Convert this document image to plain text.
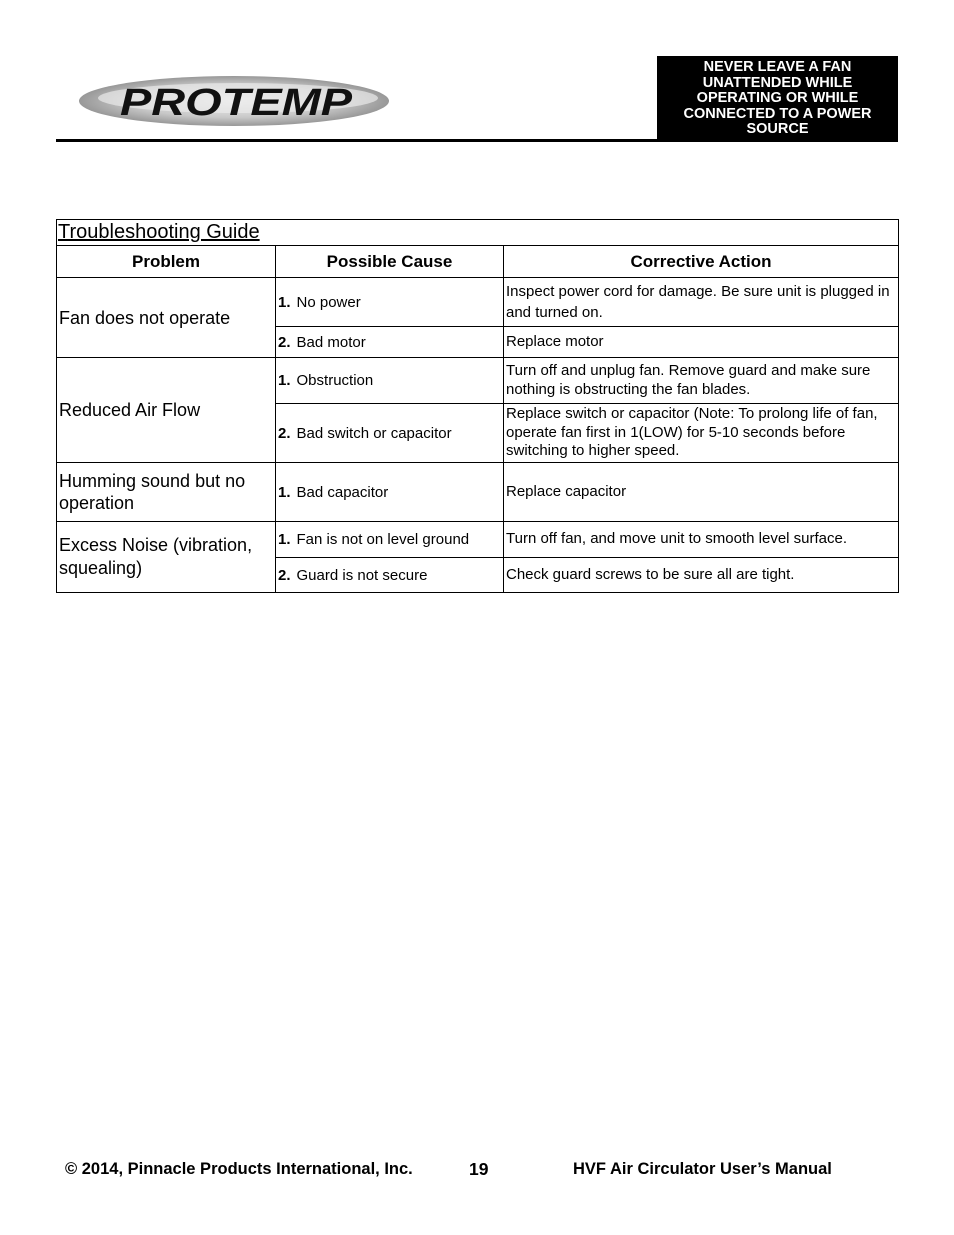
PROTEMP
NEVER LEAVE A FAN UNATTENDED WHILE OPERATING OR WHILE CONNECTED TO A POWER SOURCE
Troubleshooting Guide		
Problem	Possible Cause	Corrective Action
Fan does not operate	1. No power	Inspect power cord for damage. Be sure unit is plugged in and turned on.
	2. Bad motor	Replace motor
Reduced Air Flow	1. Obstruction	Turn off and unplug fan. Remove guard and make sure nothing is obstructing the fan blades.
	2. Bad switch or capacitor	Replace switch or capacitor (Note: To prolong life of fan, operate fan first in 1(LOW) for 5-10 seconds before switching to higher speed.
Humming sound but no operation	1. Bad capacitor	Replace capacitor
Excess Noise (vibration, squealing)	1. Fan is not on level ground	Turn off fan, and move unit to smooth level surface.
	2. Guard is not secure	Check guard screws to be sure all are tight.
© 2014, Pinnacle Products International, Inc.	19	HVF Air Circulator User’s Manual
